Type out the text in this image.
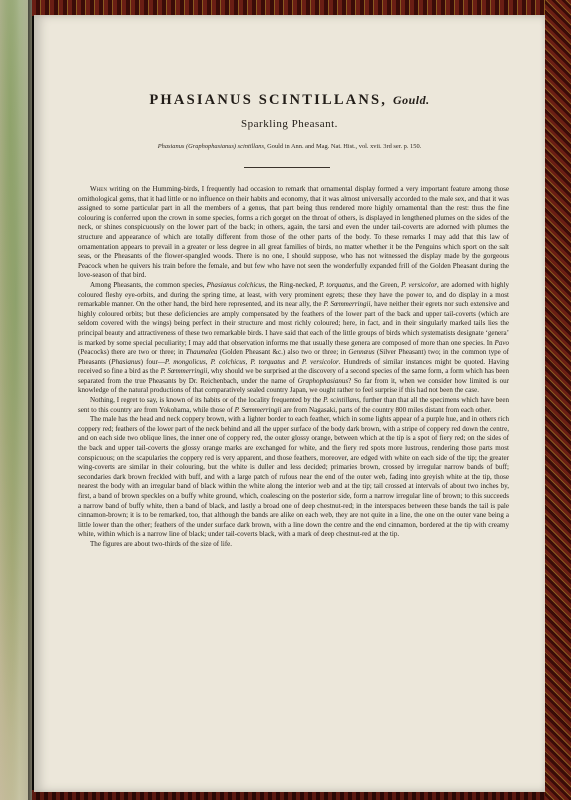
PHASIANUS SCINTILLANS, Gould.
Sparkling Pheasant.
Phasianus (Graphophasianus) scintillans, Gould in Ann. and Mag. Nat. Hist., vol. xvii. 3rd ser. p. 150.

When writing on the Humming-birds, I frequently had occasion to remark that ornamental display formed a very important feature among those ornithological gems, that it had little or no influence on their habits and economy, that it was almost universally accorded to the male sex, and that it was assigned to some particular part in all the members of a genus, that part being thus rendered more highly ornamental than the rest: thus the fine colouring is conferred upon the crown in some species, forms a rich gorget on the throat of others, is displayed in lengthened plumes on the sides of the neck, or shines conspicuously on the lower part of the back; in others, again, the tarsi and even the under tail-coverts are adorned with plumes the structure and appearance of which are totally different from those of the other parts of the body. To these remarks I may add that this law of ornamentation appears to prevail in a greater or less degree in all great families of birds, no matter whether it be the Penguins which sport on the salt seas, or the Pheasants of the flower-spangled woods. There is no one, I should suppose, who has not witnessed the display made by the gorgeous Peacock when he quivers his train before the female, and but few who have not seen the wonderfully expanded frill of the Golden Pheasant during the love-season of that bird.

Among Pheasants, the common species, Phasianus colchicus, the Ring-necked, P. torquatus, and the Green, P. versicolor, are adorned with highly coloured fleshy eye-orbits, and during the spring time, at least, with very prominent egrets; these they have the power to, and do display in a most remarkable manner. On the other hand, the bird here represented, and its near ally, the P. Sœmmerringii, have neither their egrets nor such extensive and highly coloured orbits; but these deficiencies are amply compensated by the feathers of the lower part of the back and upper tail-coverts (which are seldom covered with the wings) being perfect in their structure and most richly coloured; here, in fact, and in their singularly marked tails lies the principal beauty and attractiveness of these two remarkable birds. I have said that each of the little groups of birds which systematists designate ‘genera’ is marked by some special peculiarity; I may add that observation informs me that usually these genera are composed of more than one species. In Pavo (Peacocks) there are two or three; in Thaumalea (Golden Pheasant &c.) also two or three; in Gennæus (Silver Pheasant) two; in the common type of Pheasants (Phasianus) four—P. mongolicus, P. colchicus, P. torquatus and P. versicolor. Hundreds of similar instances might be quoted. Having received so fine a bird as the P. Sœmmerringii, why should we be surprised at the discovery of a second species of the same form, a form which has been separated from the true Pheasants by Dr. Reichenbach, under the name of Graphophasianus? So far from it, when we consider how limited is our knowledge of the natural productions of that comparatively sealed country Japan, we ought rather to feel surprise if this had not been the case.

Nothing, I regret to say, is known of its habits or of the locality frequented by the P. scintillans, further than that all the specimens which have been sent to this country are from Yokohama, while those of P. Sœmmerringii are from Nagasaki, parts of the country 800 miles distant from each other.

The male has the head and neck coppery brown, with a lighter border to each feather, which in some lights appear of a purple hue, and in others rich coppery red; feathers of the lower part of the neck behind and all the upper surface of the body dark brown, with a stripe of coppery red down the centre, and on each side two oblique lines, the inner one of coppery red, the outer glossy orange, between which at the tip is a spot of fiery red; on the sides of the back and upper tail-coverts the glossy orange marks are exchanged for white, and the fiery red spots more lustrous, rendering those parts most conspicuous; on the scapularies the coppery red is very apparent, and those feathers, moreover, are edged with white on each side of the tip; the greater wing-coverts are similar in their colouring, but the white is duller and less decided; primaries brown, crossed by irregular narrow bands of buff; secondaries dark brown freckled with buff, and with a large patch of rufous near the end of the outer web, fading into greyish white at the tip, those nearest the body with an irregular band of black within the white along the interior web and at the tip; tail crossed at intervals of about two inches by, first, a band of brown speckles on a buffy white ground, which, coalescing on the posterior side, form a narrow irregular line of brown; to this succeeds a narrow band of buffy white, then a band of black, and lastly a broad one of deep chestnut-red; in the interspaces between these bands the tail is pale cinnamon-brown; it is to be remarked, too, that although the bands are alike on each web, they are not quite in a line, the one on the outer vane being a little lower than the other; feathers of the under surface dark brown, with a line down the centre and the end cinnamon, bordered at the tip with creamy white, within which is a narrow line of black; under tail-coverts black, with a mark of deep chestnut-red at the tip.

The figures are about two-thirds of the size of life.
